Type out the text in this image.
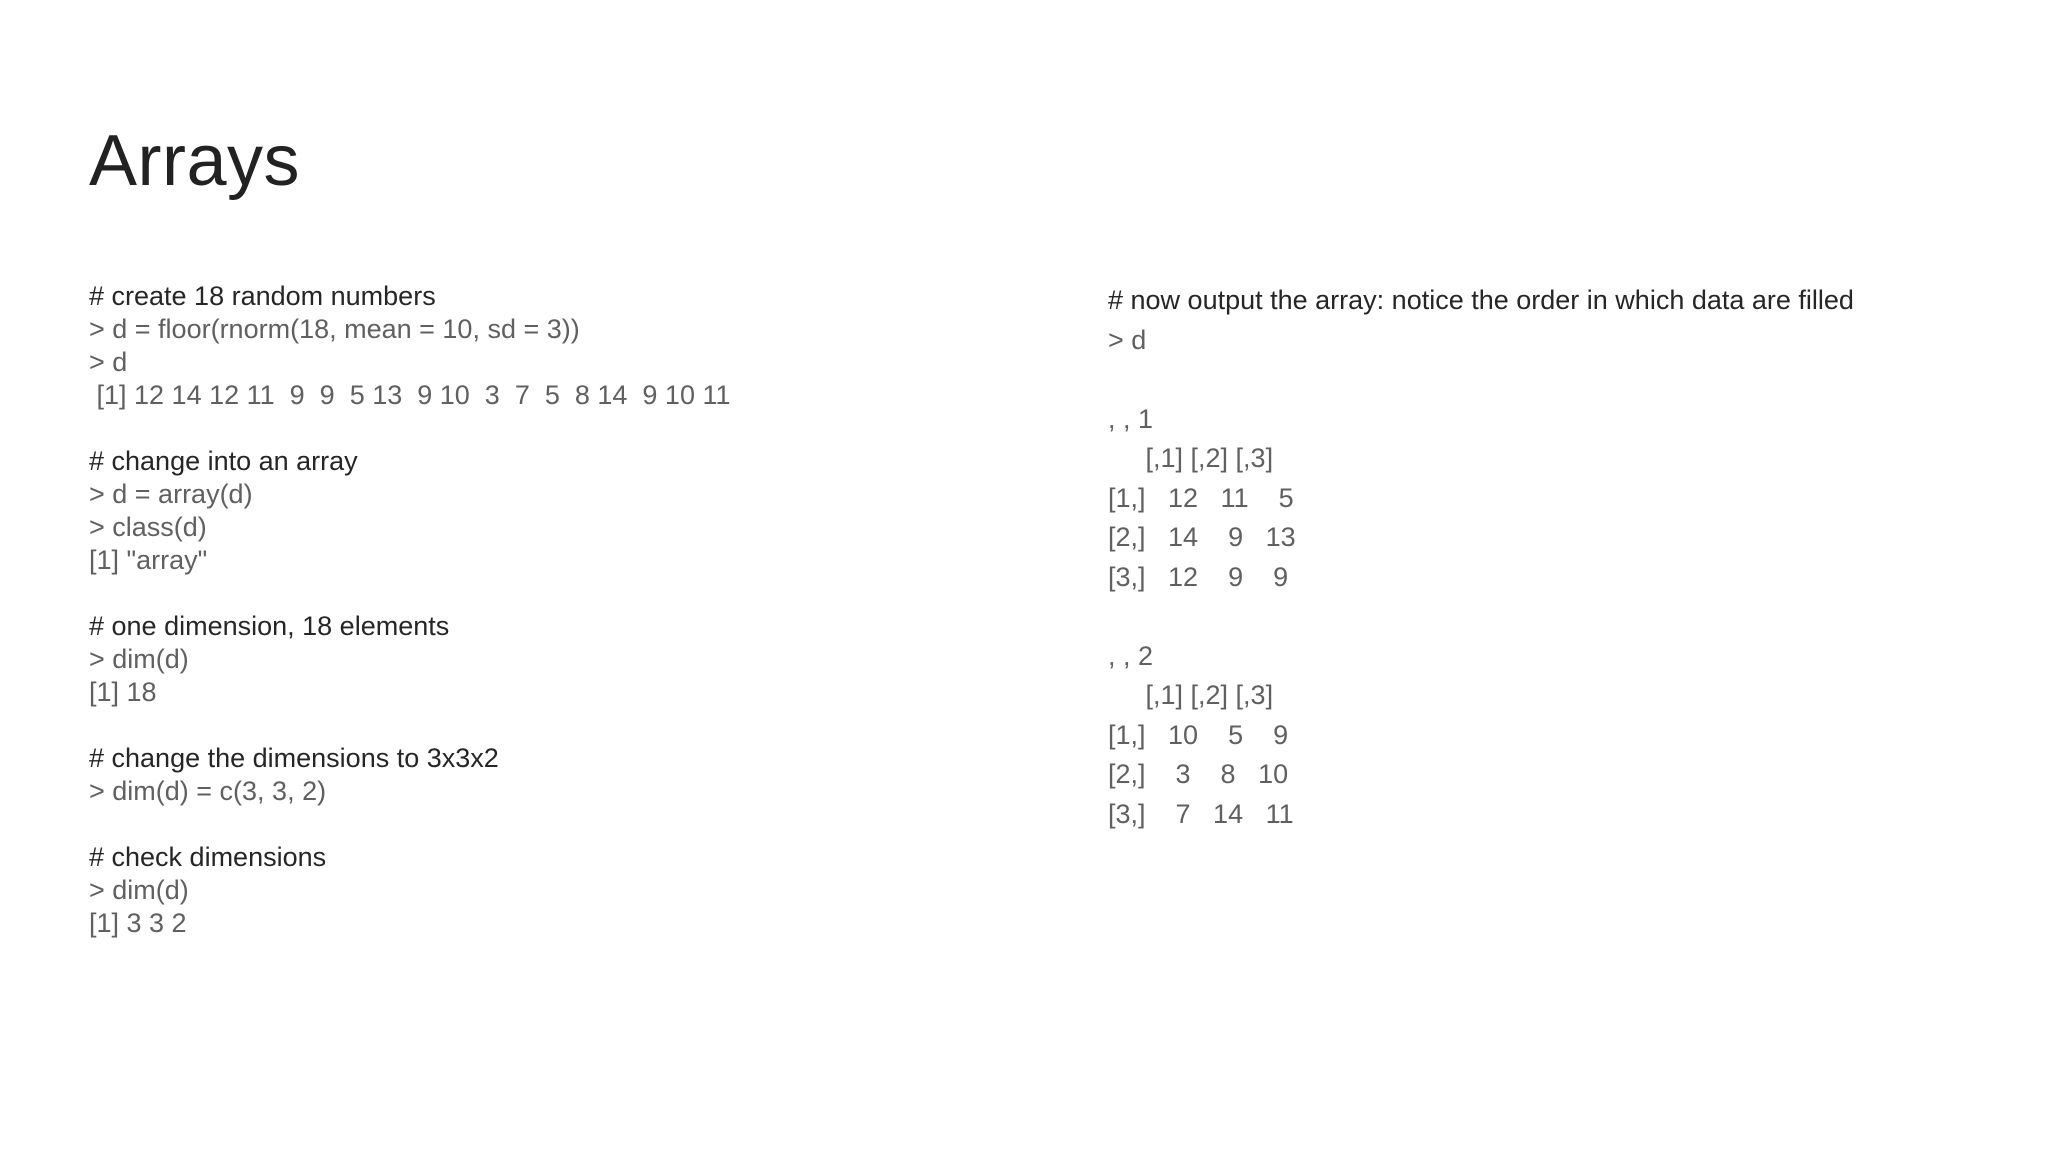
Arrays
# create 18 random numbers
> d = floor(rnorm(18, mean = 10, sd = 3))
> d
[1] 12 14 12 11  9  9  5 13  9 10  3  7  5  8 14  9 10 11
# change into an array
> d = array(d)
> class(d)
[1] "array"
# one dimension, 18 elements
> dim(d)
[1] 18
# change the dimensions to 3x3x2
> dim(d) = c(3, 3, 2)
# check dimensions
> dim(d)
[1] 3 3 2
# now output the array: notice the order in which data are filled
> d
, , 1
[,1] [,2] [,3]
[1,]   12   11    5
[2,]   14    9   13
[3,]   12    9    9
, , 2
[,1] [,2] [,3]
[1,]   10    5    9
[2,]    3    8   10
[3,]    7   14   11
